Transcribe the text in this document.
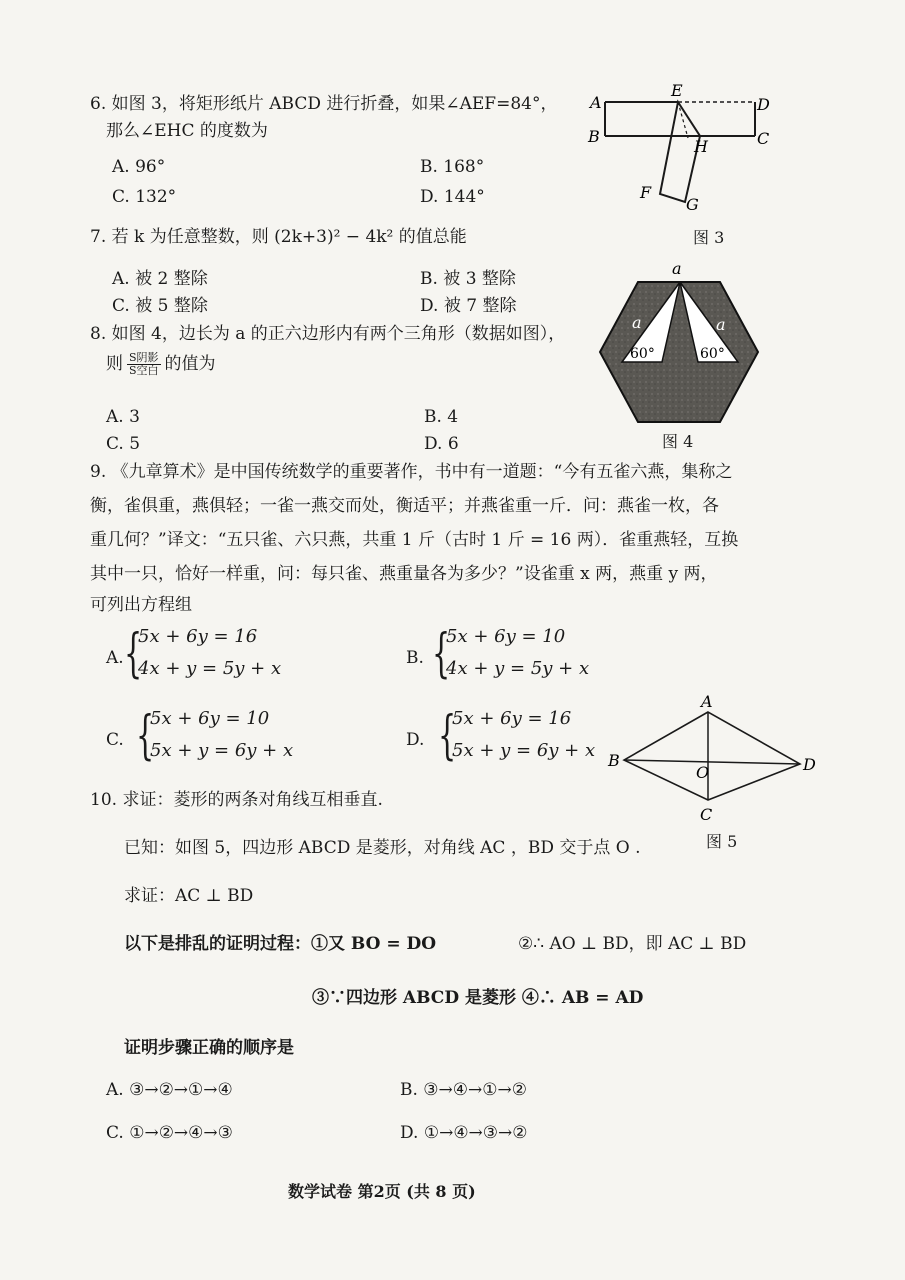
6. 如图 3，将矩形纸片 ABCD 进行折叠，如果∠AEF=84°，
那么∠EHC 的度数为
A. 96°	B. 168°
C. 132°	D. 144°
A
E
D
B
H	C
F
G
图 3
7. 若 k 为任意整数，则 (2k+3)² − 4k² 的值总能
A. 被 2 整除	B. 被 3 整除
C. 被 5 整除	D. 被 7 整除
8. 如图 4，边长为 a 的正六边形内有两个三角形（数据如图），
则 $\frac{\text{S阴影}}{\text{S空白}}$ 的值为
A. 3	B. 4
C. 5	D. 6
a
a	a
60°	60°
图 4
9. 《九章算术》是中国传统数学的重要著作，书中有一道题：“今有五雀六燕，集称之
衡，雀俱重，燕俱轻；一雀一燕交而处，衡适平；并燕雀重一斤．问：燕雀一枚，各
重几何？”译文：“五只雀、六只燕，共重 1 斤（古时 1 斤 = 16 两）．雀重燕轻，互换
其中一只，恰好一样重，问：每只雀、燕重量各为多少？”设雀重 x 两，燕重 y 两，
可列出方程组
A. {
5x + 6y = 16
4x + y = 5y + x	B. {
5x + 6y = 10
4x + y = 5y + x
C. {
5x + 6y = 10
5x + y = 6y + x	D. {
5x + 6y = 16
5x + y = 6y + x
A
B
O	D
C
图 5
10. 求证：菱形的两条对角线互相垂直.
已知：如图 5，四边形 ABCD 是菱形，对角线 AC ，BD 交于点 O .
求证：AC ⊥ BD
以下是排乱的证明过程：①又 BO = DO	②∴ AO ⊥ BD，即 AC ⊥ BD
③∵四边形 ABCD 是菱形 ④∴ AB = AD
证明步骤正确的顺序是
A. ③→②→①→④	B. ③→④→①→②
C. ①→②→④→③	D. ①→④→③→②
数学试卷 第2页 (共 8 页)
